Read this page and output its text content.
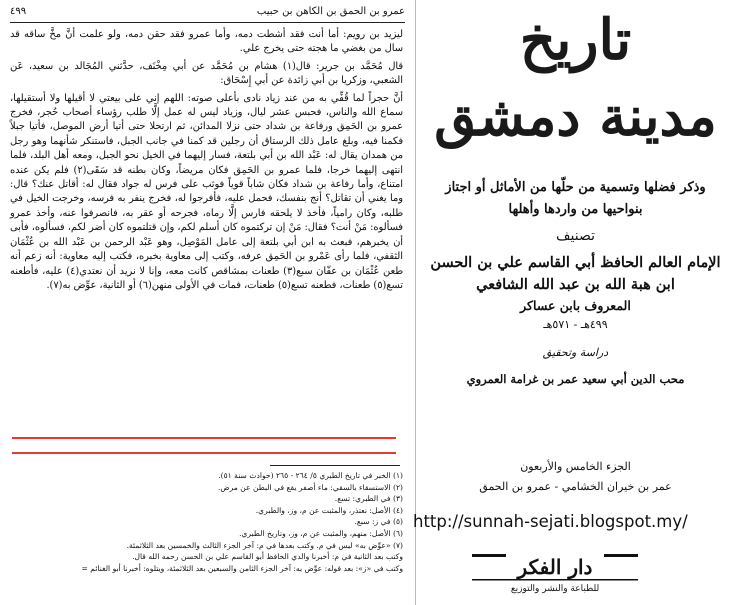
٤٩٩	عمرو بن الحمق بن الكاهن بن حبيب

ليزيد بن رويم: أما أنت فقد أشطت دمه، وأما عمرو فقد حقن دمه، ولو علمت أنَّ مخَّ ساقه قد سال من بغضي ما هجته حتى يخرج علي.

قال مُحَمَّد بن جرير: قال(١) هشام بن مُحَمَّد عن أبي مِخْنَف، حدَّثني المُجَالد بن سعيد، عَن الشعبي، وزكريا بن أبي زائدة عن أبي إِسْحَاق:

أنَّ حجراً لما قُفِّي به من عند زياد نادى بأعلى صوته: اللهم إني على بيعتي لا أقيلها ولا أستقيلها، سماع الله والناس، فحبس عشر ليال، وزياد ليس له عمل إلَّا طلب رؤساء أصحاب حُجر، فخرج عمرو بن الحَمِق ورفاعة بن شداد حتى نزلا المدائن، ثم ارتحلا حتى أتيا أرض الموصل، فأتيا جبلاً فكمنا فيه، وبلغ عامل ذلك الرستاق أن رجلين قد كمنا في جانب الجبل، فاستنكر شأنهما وهو رجل من همدان يقال له: عَبْد الله بن أبي بلتعة، فسار إليهما في الخيل نحو الجبل، ومعه أهل البلد، فلما انتهى إليهما خرجا، فلما عمرو بن الحَمِق فكان مريضاً، وكان بطنه قد سَقَى(٢) فلم يكن عنده امتناع، وأما رفاعة بن شداد فكان شاباً قوياً فوثب على فرس له جواد فقال له: أقاتل عنك؟ قال: وما يغني أن تقاتل؟ أنج بنفسك، فحمل عليه، فأفرجوا له، فخرج ينفر به فرسه، وخرجت الخيل في طلبه، وكان رامياً، فأخذ لا يلحقه فارس إلَّا رماه، فجرحه أو عقر به، فانصرفوا عنه، وأخذ عمرو فسألوه: مَنْ أنت؟ فقال: مَنْ إن تركتموه كان أسلم لكم، وإن قتلتموه كان أضر لكم، فسألوه، فأبى أن يخبرهم، فبعث به ابن أبي بلتعة إلى عامل المَوْصِل، وهو عَبْد الرحمن بن عَبْد الله بن عُثْمَان الثقفي، فلما رأى عَمْرو بن الحَمِق عرفه، وكتب إلى معاوية بخبره، فكتب إليه معاوية: أنه زعم أنه طعن عُثْمَان بن عفّان سبع(٣) طعنات بمشاقص كانت معه، وإنا لا نريد أن نعتدي(٤) عليه، فأطعنه تسع(٥) طعنات، فطعنه تسع(٥) طعنات، فمات في الأولى منهن(٦) أو الثانية، عوِّض به(٧).

(١) الخبر في تاريخ الطبري ٥/ ٢٦٤ - ٢٦٥ (حوادث سنة ٥١).
(٢) الاستسقاء بالسقي: ماء أصفر يقع في البطن عن مرض.
(٣) في الطبري: تسع.
(٤) الأصل: نعتذر، والمثبت عن م، وز، والطبري.
(٥) في ز: سبع.
(٦) الأصل: منهم، والمثبت عن م، وز، وتاريخ الطبري.
(٧) «عوِّض به» ليس في م. وكتب بعدها في م: آخر الجزء الثالث والخمسين بعد الثلاثمئة.
وكتب بعد الثانية في م: أخبرنا والدي الحافظ أبو القاسم علي بن الحسن رحمه الله قال.
وكتب في «ز»: بعد قوله: عوِّض به: آخر الجزء الثامن والسبعين بعد الثلاثمئة، ويتلوه: أخبرنا أبو الغنائم =
تاريخ
مدينة دمشق
وذكر فضلها وتسمية من حلّها من الأماثل أو اجتاز
بنواحيها من واردها وأهلها
تصنيف
الإمام العالم الحافظ أبي القاسم علي بن الحسن
ابن هبة الله بن عبد الله الشافعي
المعروف بابن عساكر
٤٩٩هـ - ٥٧١هـ
دراسة وتحقيق
محب الدين أبي سعيد عمر بن غرامة العمروي
الجزء الخامس والأربعون
عمر بن خيران الخشامي - عمرو بن الحمق
http://sunnah-sejati.blogspot.my/
دار الفكر
للطباعة والنشر والتوزيع
